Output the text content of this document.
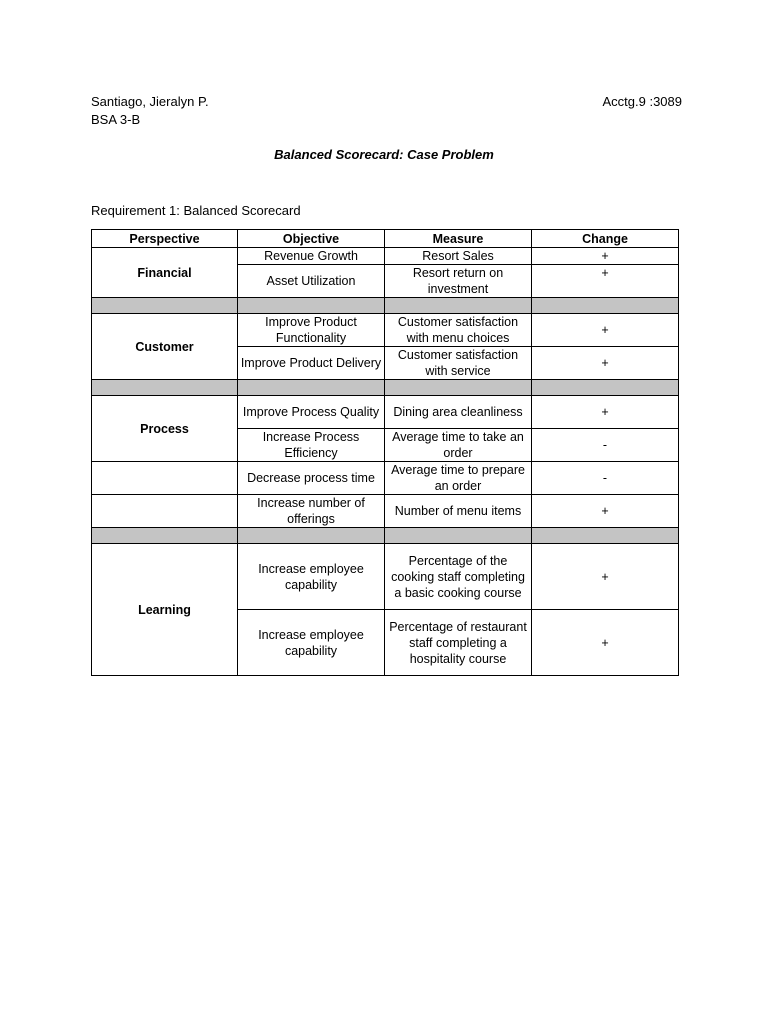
Santiago, Jieralyn P.
BSA 3-B
Acctg.9 :3089
Balanced Scorecard: Case Problem
Requirement 1: Balanced Scorecard
Perspective	Objective	Measure	Change
Financial	Revenue Growth	Resort Sales	+
	Asset Utilization	Resort return on investment	+

Customer	Improve Product Functionality	Customer satisfaction with menu choices	+
	Improve Product Delivery	Customer satisfaction with service	+

Process	Improve Process Quality	Dining area cleanliness	+
	Increase Process Efficiency	Average time to take an order	-
	Decrease process time	Average time to prepare an order	-
	Increase number of offerings	Number of menu items	+

Learning	Increase employee capability	Percentage of the cooking staff completing a basic cooking course	+
	Increase employee capability	Percentage of restaurant staff completing a hospitality course	+
